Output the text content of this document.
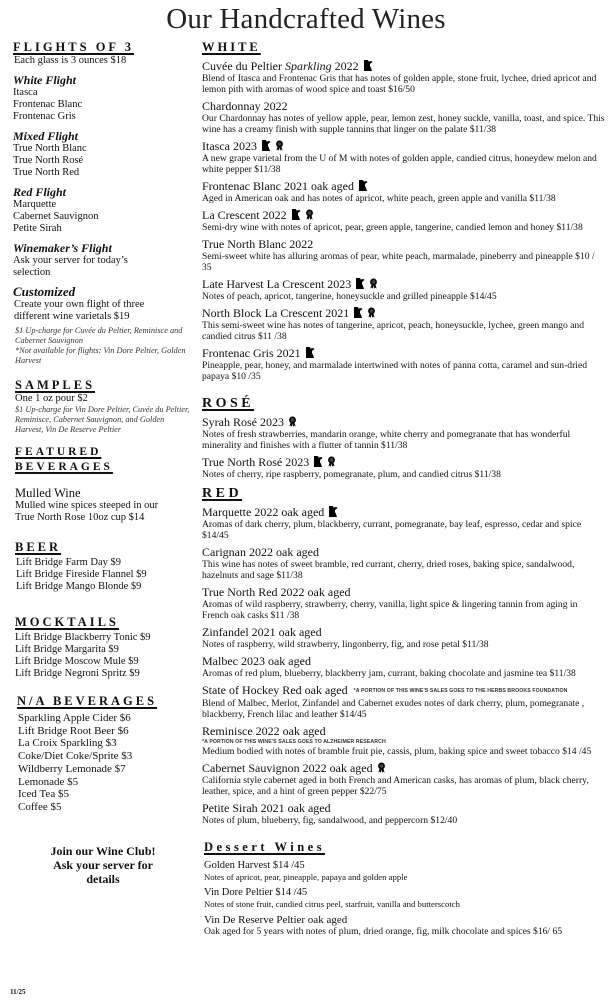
Our Handcrafted Wines
FLIGHTS OF 3
Each glass is 3 ounces $18
White Flight
Itasca
Frontenac Blanc
Frontenac Gris
Mixed Flight
True North Blanc
True North Rosé
True North Red
Red Flight
Marquette
Cabernet Sauvignon
Petite Sirah
Winemaker’s Flight
Ask your server for today’s
selection
Customized
Create your own flight of three
different wine varietals $19
$1 Up-charge for Cuvée du Peltier, Reminisce and Cabernet Sauvignon
*Not available for flights: Vin Dore Peltier, Golden Harvest
SAMPLES
One 1 oz pour $2
$1 Up-charge for Vin Dore Peltier, Cuvée du Peltier, Reminisce, Cabernet Sauvignon, and Golden Harvest, Vin De Reserve Peltier
FEATURED BEVERAGES
Mulled Wine
Mulled wine spices steeped in our
True North Rose 10oz cup $14
BEER
Lift Bridge Farm Day $9
Lift Bridge Fireside Flannel $9
Lift Bridge Mango Blonde $9
MOCKTAILS
Lift Bridge Blackberry Tonic $9
Lift Bridge Margarita $9
Lift Bridge Moscow Mule $9
Lift Bridge Negroni Spritz $9
N/A BEVERAGES
Sparkling Apple Cider $6
Lift Bridge Root Beer $6
La Croix Sparkling $3
Coke/Diet Coke/Sprite $3
Wildberry Lemonade $7
Lemonade $5
Iced Tea $5
Coffee $5
Join our Wine Club!
Ask your server for
details
WHITE
Cuvée du Peltier Sparkling 2022
Blend of Itasca and Frontenac Gris that has notes of golden apple, stone fruit, lychee, dried apricot and lemon pith with aromas of wood spice and toast $16/50
Chardonnay 2022
Our Chardonnay has notes of yellow apple, pear, lemon zest, honey suckle, vanilla, toast, and spice. This wine has a creamy finish with supple tannins that linger on the palate $11/38
Itasca 2023
A new grape varietal from the U of M with notes of golden apple, candied citrus, honeydew melon and white pepper $11/38
Frontenac Blanc 2021 oak aged
Aged in American oak and has notes of apricot, white peach, green apple and vanilla $11/38
La Crescent 2022
Semi-dry wine with notes of apricot, pear, green apple, tangerine, candied lemon and honey $11/38
True North Blanc 2022
Semi-sweet white has alluring aromas of pear, white peach, marmalade, pineberry and pineapple $10 / 35
Late Harvest La Crescent 2023
Notes of peach, apricot, tangerine, honeysuckle and grilled pineapple $14/45
North Block La Crescent 2021
This semi-sweet wine has notes of tangerine, apricot, peach, honeysuckle, lychee, green mango and candied citrus $11 /38
Frontenac Gris 2021
Pineapple, pear, honey, and marmalade intertwined with notes of panna cotta, caramel and sun-dried papaya $10 /35
ROSÉ
Syrah Rosé 2023
Notes of fresh strawberries, mandarin orange, white cherry and pomegranate that has wonderful minerality and finishes with a flutter of tannin $11/38
True North Rosé 2023
Notes of cherry, ripe raspberry, pomegranate, plum, and candied citrus $11/38
RED
Marquette 2022 oak aged
Aromas of dark cherry, plum, blackberry, currant, pomegranate, bay leaf, espresso, cedar and spice $14/45
Carignan 2022 oak aged
This wine has notes of sweet bramble, red currant, cherry, dried roses, baking spice, sandalwood, hazelnuts and sage $11/38
True North Red 2022 oak aged
Aromas of wild raspberry, strawberry, cherry, vanilla, light spice & lingering tannin from aging in French oak casks $11 /38
Zinfandel 2021 oak aged
Notes of raspberry, wild strawberry, lingonberry, fig, and rose petal $11/38
Malbec 2023 oak aged
Aromas of red plum, blueberry, blackberry jam, currant, baking chocolate and jasmine tea $11/38
State of Hockey Red oak aged *A PORTION OF THIS WINE'S SALES GOES TO THE HERBS BROOKS FOUNDATION
Blend of Malbec, Merlot, Zinfandel and Cabernet exudes notes of dark cherry, plum, pomegranate , blackberry, French lilac and leather $14/45
Reminisce 2022 oak aged
*A PORTION OF THIS WINE'S SALES GOES TO ALZHEIMER RESEARCH
Medium bodied with notes of bramble fruit pie, cassis, plum, baking spice and sweet tobacco $14 /45
Cabernet Sauvignon 2022 oak aged
California style cabernet aged in both French and American casks, has aromas of plum, black cherry, leather, spice, and a hint of green pepper $22/75
Petite Sirah 2021 oak aged
Notes of plum, blueberry, fig, sandalwood, and peppercorn $12/40
Dessert Wines
Golden Harvest $14 /45
Notes of apricot, pear, pineapple, papaya and golden apple
Vin Dore Peltier $14 /45
Notes of stone fruit, candied citrus peel, starfruit, vanilla and butterscotch
Vin De Reserve Peltier oak aged
Oak aged for 5 years with notes of plum, dried orange, fig, milk chocolate and spices $16/ 65
11/25
